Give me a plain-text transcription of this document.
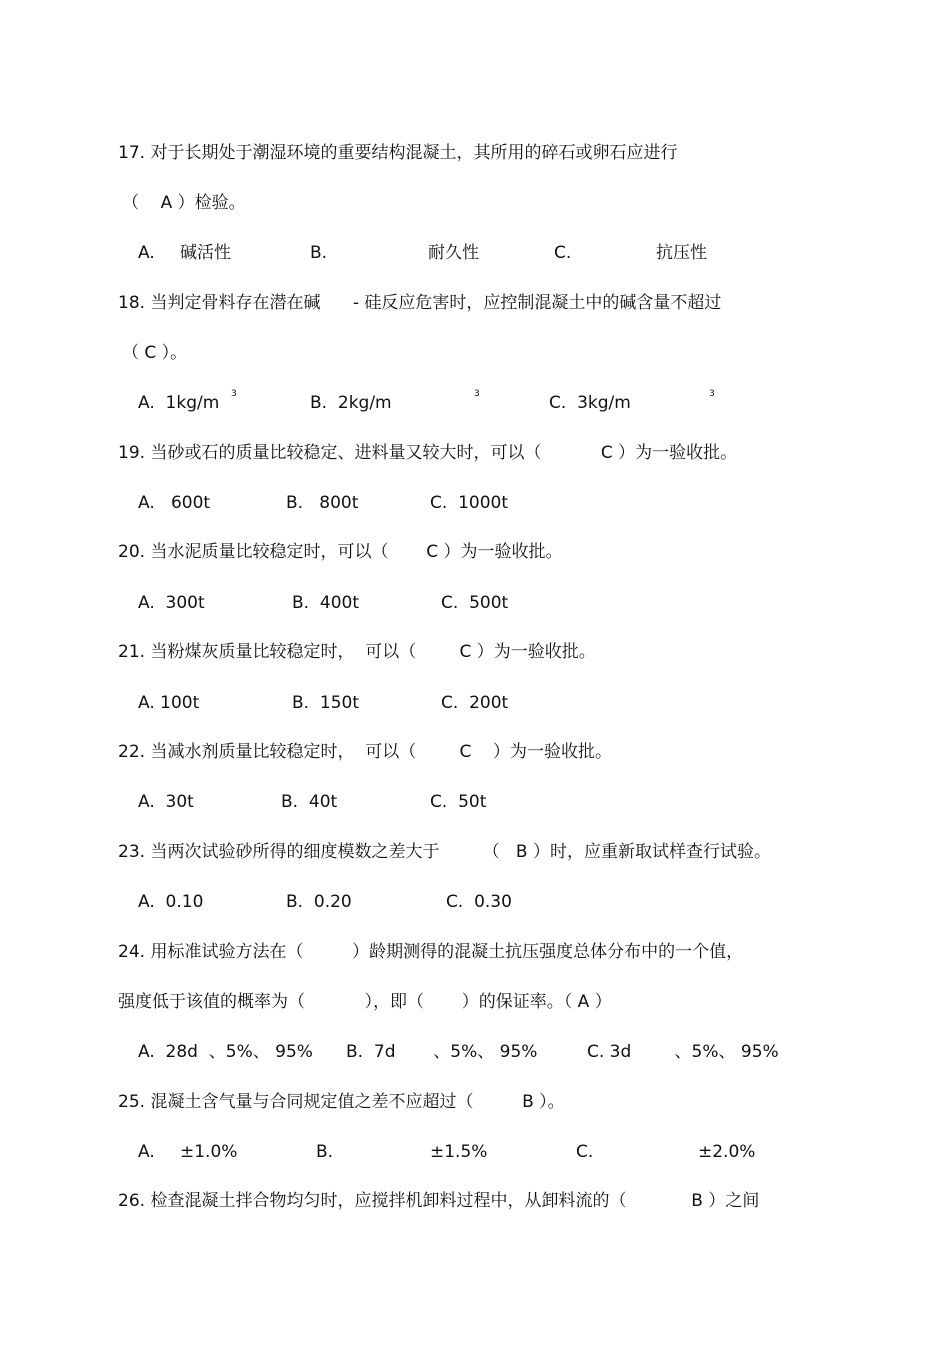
17. 对于长期处于潮湿环境的重要结构混凝土，其所用的碎石或卵石应进行
（    A ）检验。
A. 碱活性	B.	耐久性	C.	抗压性
18. 当判定骨料存在潜在碱      - 硅反应危害时，应控制混凝土中的碱含量不超过
（ C ）。
A.  1kg/m 3	B.  2kg/m	3	C.  3kg/m	3
19. 当砂或石的质量比较稳定、进料量又较大时，可以（           C ）为一验收批。
A.   600t	B.   800t	C.  1000t
20. 当水泥质量比较稳定时，可以（       C ）为一验收批。
A.  300t	B.  400t	C.  500t
21. 当粉煤灰质量比较稳定时，  可以（        C ）为一验收批。
A. 100t	B.  150t	C.  200t
22. 当减水剂质量比较稳定时，  可以（        C    ）为一验收批。
A.  30t	B.  40t	C.  50t
23. 当两次试验砂所得的细度模数之差大于        （   B ）时，应重新取试样查行试验。
A.  0.10	B.  0.20	C.  0.30
24. 用标准试验方法在（         ）龄期测得的混凝土抗压强度总体分布中的一个值，
强度低于该值的概率为（           ），即（       ）的保证率。（ A ）
A.  28d  、5%、 95% B.  7d       、5%、 95%	C. 3d        、5%、 95%
25. 混凝土含气量与合同规定值之差不应超过（         B ）。
A. ±1.0%	B.	±1.5%	C.	±2.0%
26. 检查混凝土拌合物均匀时，应搅拌机卸料过程中，从卸料流的（            B ）之间
